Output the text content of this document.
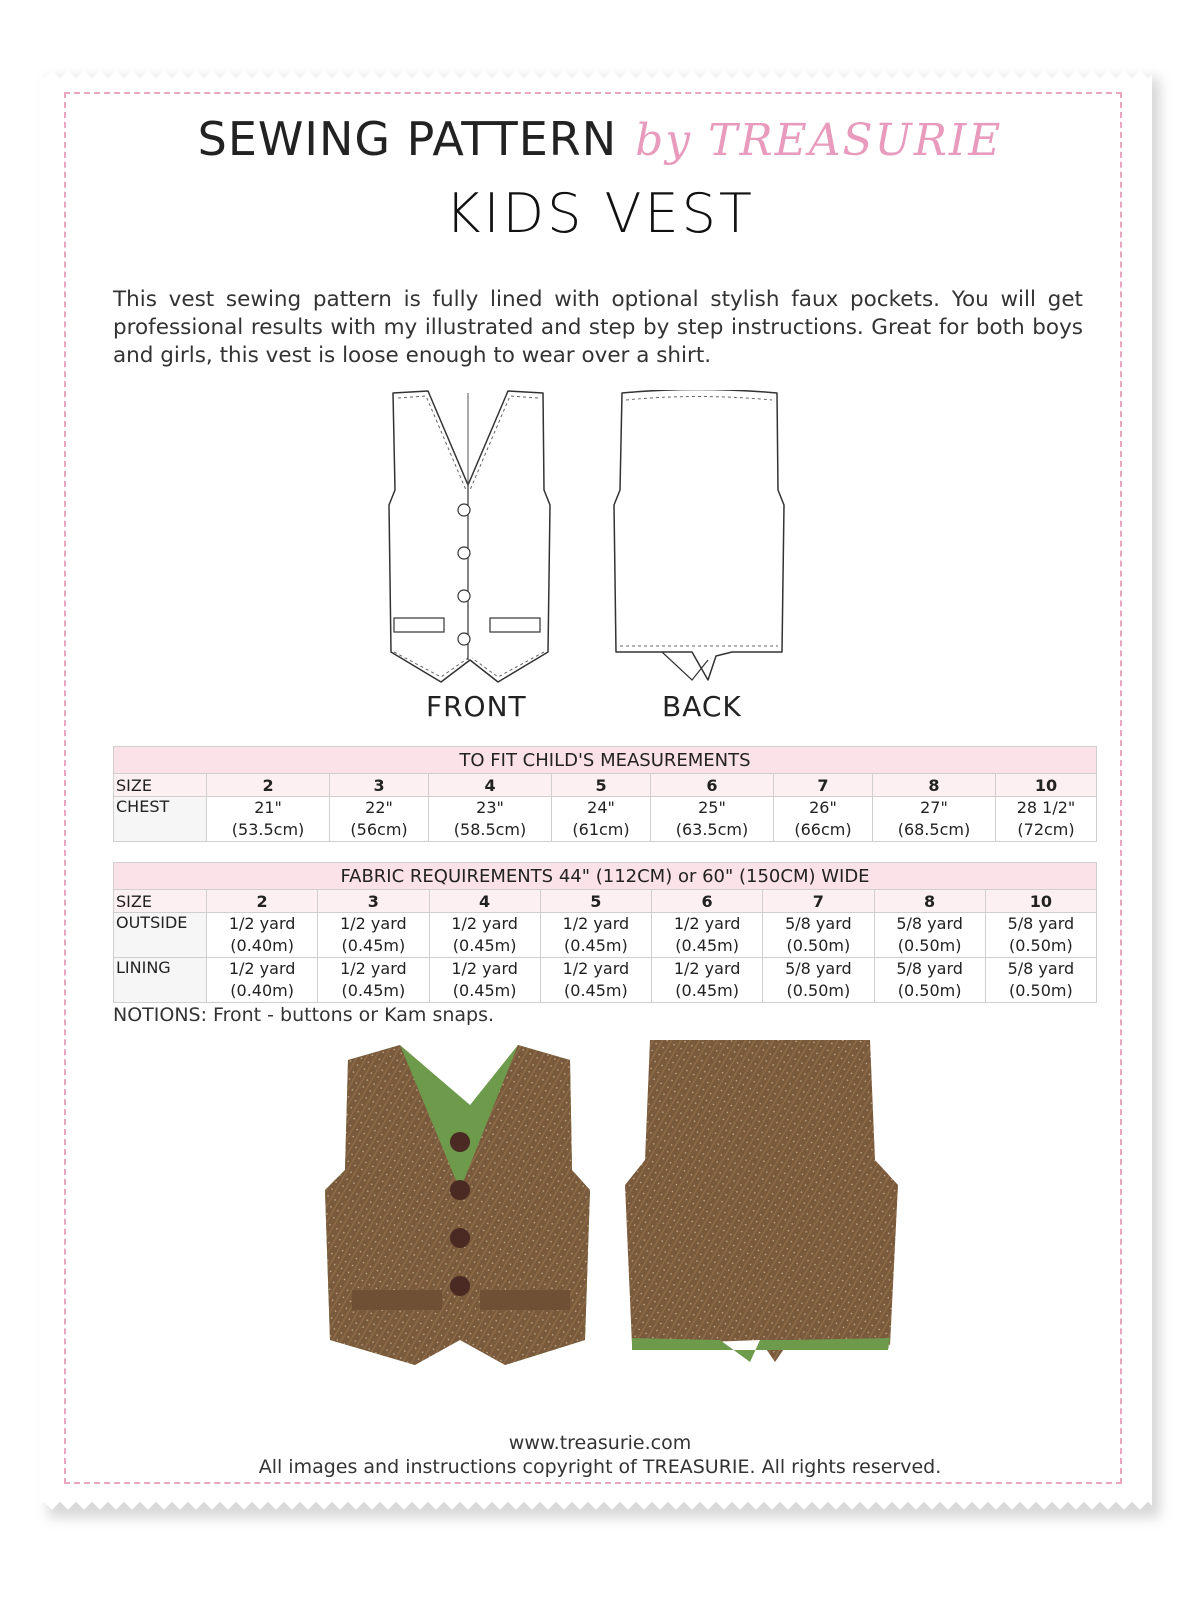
SEWING PATTERN by TREASURIE
KIDS VEST

This vest sewing pattern is fully lined with optional stylish faux pockets. You will get professional results with my illustrated and step by step instructions. Great for both boys and girls, this vest is loose enough to wear over a shirt.

FRONT	BACK
TO FIT CHILD'S MEASUREMENTS								
SIZE	2	3	4	5	6	7	8	10
CHEST	21"	22"	23"	24"	25"	26"	27"	28 1/2"
	(53.5cm)	(56cm)	(58.5cm)	(61cm)	(63.5cm)	(66cm)	(68.5cm)	(72cm)
FABRIC REQUIREMENTS 44" (112CM) or 60" (150CM) WIDE								
SIZE	2	3	4	5	6	7	8	10
OUTSIDE	1/2 yard	1/2 yard	1/2 yard	1/2 yard	1/2 yard	5/8 yard	5/8 yard	5/8 yard
	(0.40m)	(0.45m)	(0.45m)	(0.45m)	(0.45m)	(0.50m)	(0.50m)	(0.50m)
LINING	1/2 yard	1/2 yard	1/2 yard	1/2 yard	1/2 yard	5/8 yard	5/8 yard	5/8 yard
	(0.40m)	(0.45m)	(0.45m)	(0.45m)	(0.45m)	(0.50m)	(0.50m)	(0.50m)
NOTIONS: Front - buttons or Kam snaps.
www.treasurie.com
All images and instructions copyright of TREASURIE. All rights reserved.
